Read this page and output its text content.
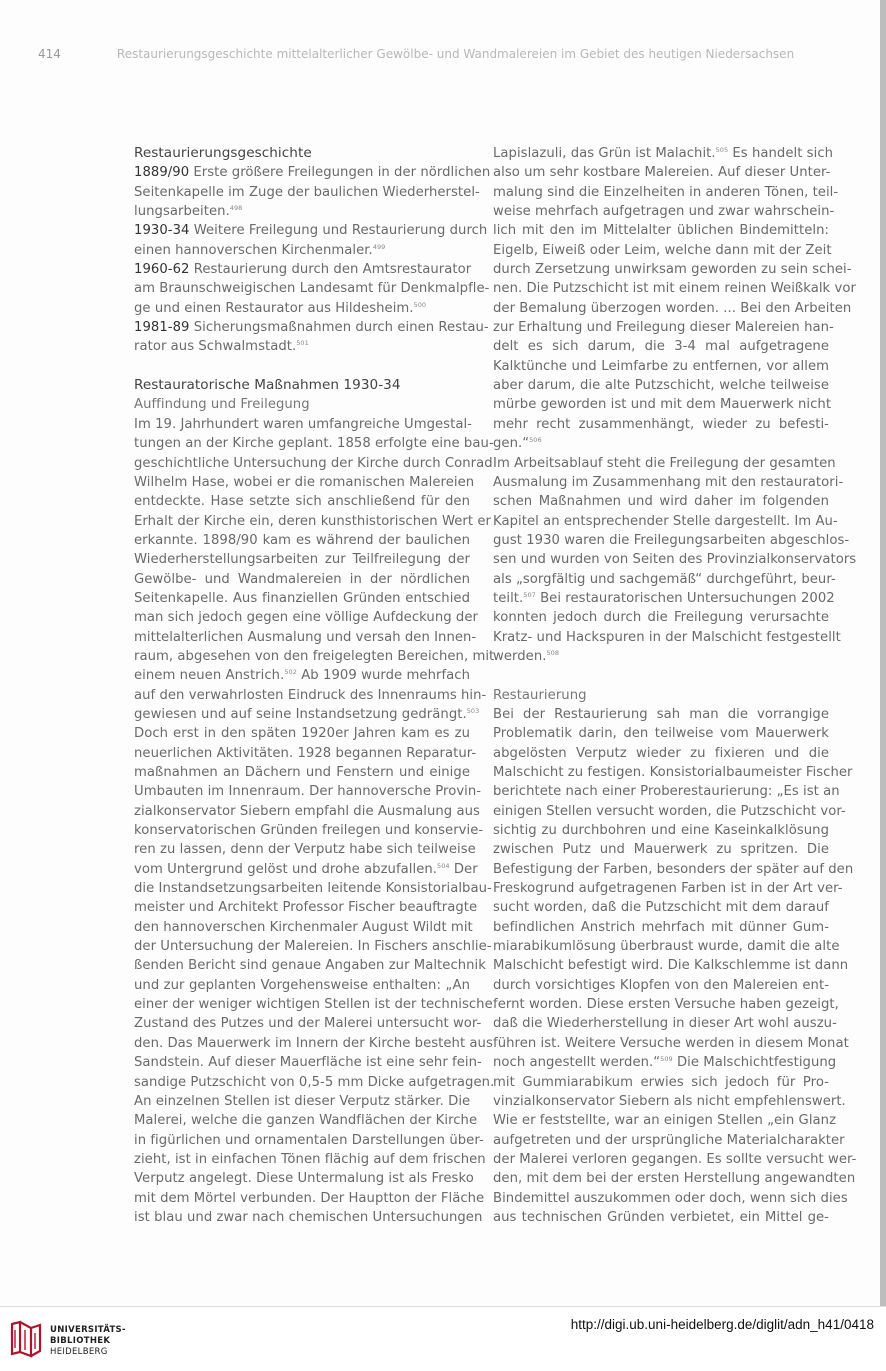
414	Restaurierungsgeschichte mittelalterlicher Gewölbe- und Wandmalereien im Gebiet des heutigen Niedersachsen
Restaurierungsgeschichte
1889/90 Erste größere Freilegungen in der nördlichen
Seitenkapelle im Zuge der baulichen Wiederherstel-
lungsarbeiten.$^{498}$
1930-34 Weitere Freilegung und Restaurierung durch
einen hannoverschen Kirchenmaler.$^{499}$
1960-62 Restaurierung durch den Amtsrestaurator
am Braunschweigischen Landesamt für Denkmalpfle-
ge und einen Restaurator aus Hildesheim.$^{500}$
1981-89 Sicherungsmaßnahmen durch einen Restau-
rator aus Schwalmstadt.$^{501}$
Restauratorische Maßnahmen 1930-34
Auffindung und Freilegung
Im 19. Jahrhundert waren umfangreiche Umgestal-
tungen an der Kirche geplant. 1858 erfolgte eine bau-
geschichtliche Untersuchung der Kirche durch Conrad
Wilhelm Hase, wobei er die romanischen Malereien
entdeckte. Hase setzte sich anschließend für den
Erhalt der Kirche ein, deren kunsthistorischen Wert er
erkannte. 1898/90 kam es während der baulichen
Wiederherstellungsarbeiten zur Teilfreilegung der
Gewölbe- und Wandmalereien in der nördlichen
Seitenkapelle. Aus finanziellen Gründen entschied
man sich jedoch gegen eine völlige Aufdeckung der
mittelalterlichen Ausmalung und versah den Innen-
raum, abgesehen von den freigelegten Bereichen, mit
einem neuen Anstrich.$^{502}$ Ab 1909 wurde mehrfach
auf den verwahrlosten Eindruck des Innenraums hin-
gewiesen und auf seine Instandsetzung gedrängt.$^{503}$
Doch erst in den späten 1920er Jahren kam es zu
neuerlichen Aktivitäten. 1928 begannen Reparatur-
maßnahmen an Dächern und Fenstern und einige
Umbauten im Innenraum. Der hannoversche Provin-
zialkonservator Siebern empfahl die Ausmalung aus
konservatorischen Gründen freilegen und konservie-
ren zu lassen, denn der Verputz habe sich teilweise
vom Untergrund gelöst und drohe abzufallen.$^{504}$ Der
die Instandsetzungsarbeiten leitende Konsistorialbau-
meister und Architekt Professor Fischer beauftragte
den hannoverschen Kirchenmaler August Wildt mit
der Untersuchung der Malereien. In Fischers anschlie-
ßenden Bericht sind genaue Angaben zur Maltechnik
und zur geplanten Vorgehensweise enthalten: „An
einer der weniger wichtigen Stellen ist der technische
Zustand des Putzes und der Malerei untersucht wor-
den. Das Mauerwerk im Innern der Kirche besteht aus
Sandstein. Auf dieser Mauerfläche ist eine sehr fein-
sandige Putzschicht von 0,5-5 mm Dicke aufgetragen.
An einzelnen Stellen ist dieser Verputz stärker. Die
Malerei, welche die ganzen Wandflächen der Kirche
in figürlichen und ornamentalen Darstellungen über-
zieht, ist in einfachen Tönen flächig auf dem frischen
Verputz angelegt. Diese Untermalung ist als Fresko
mit dem Mörtel verbunden. Der Hauptton der Fläche
ist blau und zwar nach chemischen Untersuchungen
Lapislazuli, das Grün ist Malachit.$^{505}$ Es handelt sich
also um sehr kostbare Malereien. Auf dieser Unter-
malung sind die Einzelheiten in anderen Tönen, teil-
weise mehrfach aufgetragen und zwar wahrschein-
lich mit den im Mittelalter üblichen Bindemitteln:
Eigelb, Eiweiß oder Leim, welche dann mit der Zeit
durch Zersetzung unwirksam geworden zu sein schei-
nen. Die Putzschicht ist mit einem reinen Weißkalk vor
der Bemalung überzogen worden. ... Bei den Arbeiten
zur Erhaltung und Freilegung dieser Malereien han-
delt es sich darum, die 3-4 mal aufgetragene
Kalktünche und Leimfarbe zu entfernen, vor allem
aber darum, die alte Putzschicht, welche teilweise
mürbe geworden ist und mit dem Mauerwerk nicht
mehr recht zusammenhängt, wieder zu befesti-
gen.“$^{506}$
Im Arbeitsablauf steht die Freilegung der gesamten
Ausmalung im Zusammenhang mit den restauratori-
schen Maßnahmen und wird daher im folgenden
Kapitel an entsprechender Stelle dargestellt. Im Au-
gust 1930 waren die Freilegungsarbeiten abgeschlos-
sen und wurden von Seiten des Provinzialkonservators
als „sorgfältig und sachgemäß“ durchgeführt, beur-
teilt.$^{507}$ Bei restauratorischen Untersuchungen 2002
konnten jedoch durch die Freilegung verursachte
Kratz- und Hackspuren in der Malschicht festgestellt
werden.$^{508}$
Restaurierung
Bei der Restaurierung sah man die vorrangige
Problematik darin, den teilweise vom Mauerwerk
abgelösten Verputz wieder zu fixieren und die
Malschicht zu festigen. Konsistorialbaumeister Fischer
berichtete nach einer Proberestaurierung: „Es ist an
einigen Stellen versucht worden, die Putzschicht vor-
sichtig zu durchbohren und eine Kaseinkalklösung
zwischen Putz und Mauerwerk zu spritzen. Die
Befestigung der Farben, besonders der später auf den
Freskogrund aufgetragenen Farben ist in der Art ver-
sucht worden, daß die Putzschicht mit dem darauf
befindlichen Anstrich mehrfach mit dünner Gum-
miarabikumlösung überbraust wurde, damit die alte
Malschicht befestigt wird. Die Kalkschlemme ist dann
durch vorsichtiges Klopfen von den Malereien ent-
fernt worden. Diese ersten Versuche haben gezeigt,
daß die Wiederherstellung in dieser Art wohl auszu-
führen ist. Weitere Versuche werden in diesem Monat
noch angestellt werden.“$^{509}$ Die Malschichtfestigung
mit Gummiarabikum erwies sich jedoch für Pro-
vinzialkonservator Siebern als nicht empfehlenswert.
Wie er feststellte, war an einigen Stellen „ein Glanz
aufgetreten und der ursprüngliche Materialcharakter
der Malerei verloren gegangen. Es sollte versucht wer-
den, mit dem bei der ersten Herstellung angewandten
Bindemittel auszukommen oder doch, wenn sich dies
aus technischen Gründen verbietet, ein Mittel ge-
UNIVERSITÄTS-
BIBLIOTHEK
HEIDELBERG
http://digi.ub.uni-heidelberg.de/diglit/adn_h41/0418
